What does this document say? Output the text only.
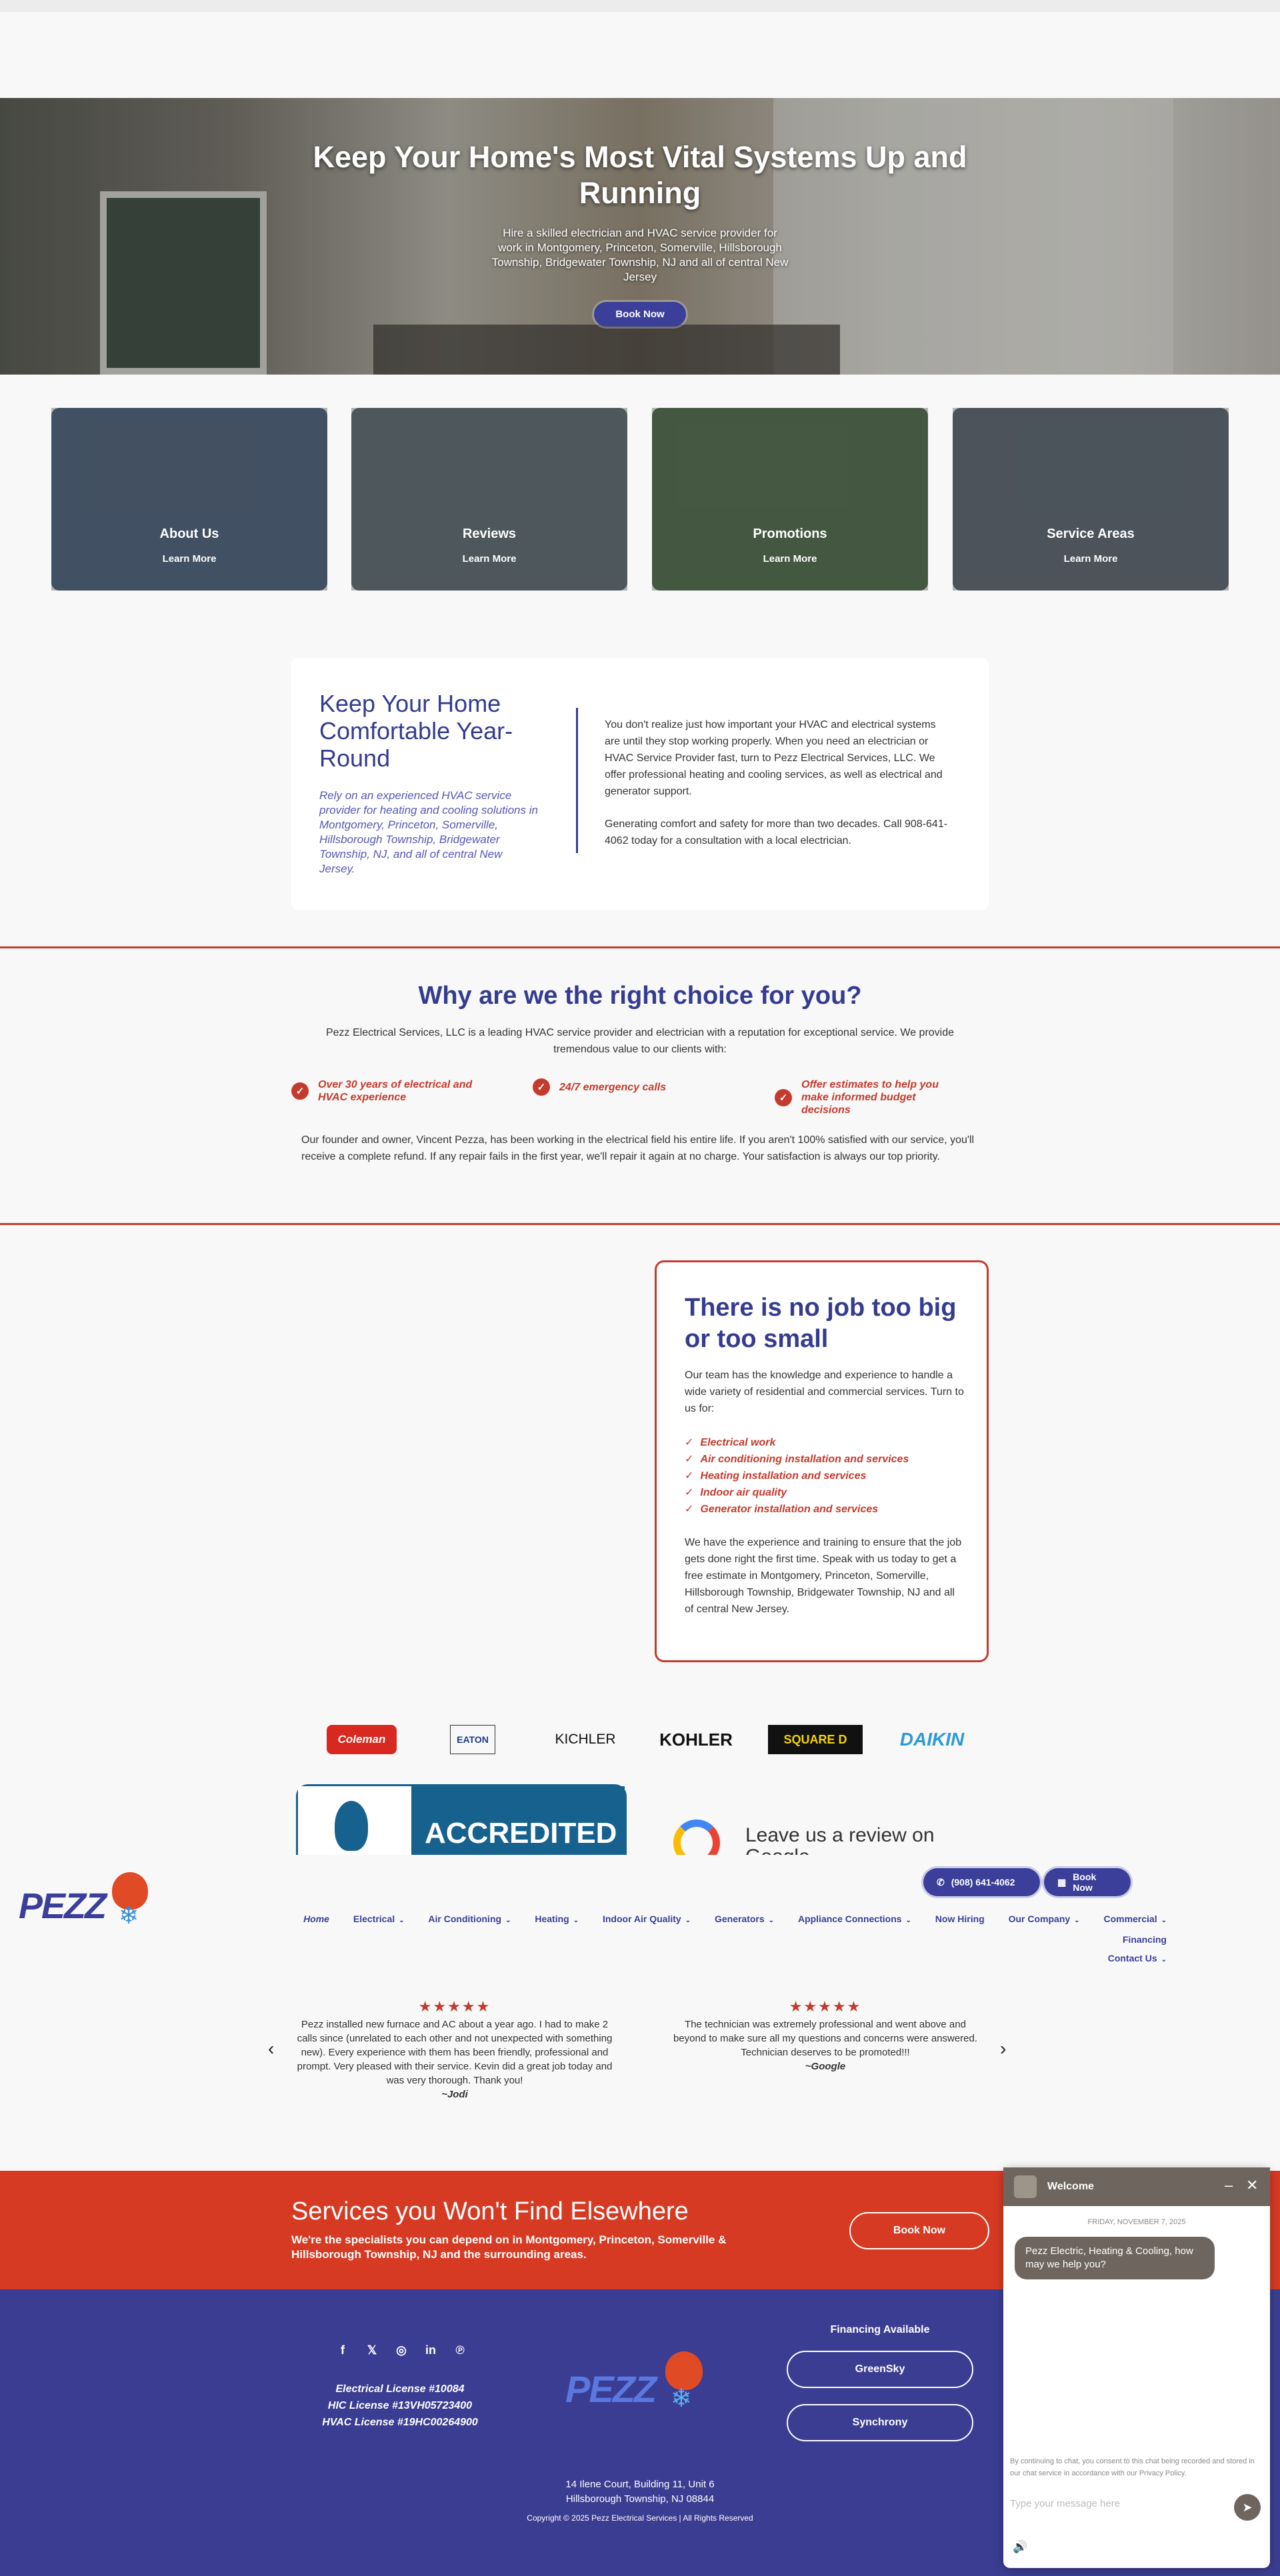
Keep Your Home's Most Vital Systems Up and Running

Hire a skilled electrician and HVAC service provider for work in Montgomery, Princeton, Somerville, Hillsborough Township, Bridgewater Township, NJ and all of central New Jersey

Book Now
About Us
Learn More
Reviews
Learn More
Promotions
Learn More
Service Areas
Learn More
Keep Your Home Comfortable Year-Round
Rely on an experienced HVAC service provider for heating and cooling solutions in Montgomery, Princeton, Somerville, Hillsborough Township, Bridgewater Township, NJ, and all of central New Jersey.

You don't realize just how important your HVAC and electrical systems are until they stop working properly. When you need an electrician or HVAC Service Provider fast, turn to Pezz Electrical Services, LLC. We offer professional heating and cooling services, as well as electrical and generator support.

Generating comfort and safety for more than two decades. Call 908-641-4062 today for a consultation with a local electrician.

Why are we the right choice for you?

Pezz Electrical Services, LLC is a leading HVAC service provider and electrician with a reputation for exceptional service. We provide tremendous value to our clients with:

✓
Over 30 years of electrical and HVAC experience
✓	24/7 emergency calls
✓
Offer estimates to help you make informed budget decisions

Our founder and owner, Vincent Pezza, has been working in the electrical field his entire life. If you aren't 100% satisfied with our service, you'll receive a complete refund. If any repair fails in the first year, we'll repair it again at no charge. Your satisfaction is always our top priority.

There is no job too big or too small

Our team has the knowledge and experience to handle a wide variety of residential and commercial services. Turn to us for:

✓ Electrical work
✓ Air conditioning installation and services
✓ Heating installation and services
✓ Indoor air quality
✓ Generator installation and services

We have the experience and training to ensure that the job gets done right the first time. Speak with us today to get a free estimate in Montgomery, Princeton, Somerville, Hillsborough Township, Bridgewater Township, NJ and all of central New Jersey.

Coleman	EATON	KICHLER	KOHLER	SQUARE D	DAIKIN
ACCREDITED	Leave us a review on
PEZZ ❄
✆ (908) 641-4062	▦ Book Now
Home	Electrical ⌄	Air Conditioning ⌄	Heating ⌄	Indoor Air Quality ⌄	Generators ⌄	Appliance Connections ⌄	Now Hiring	Our Company ⌄	Commercial ⌄ Financing
Contact Us ⌄
‹
★★★★★
Pezz installed new furnace and AC about a year ago. I had to make 2 calls since (unrelated to each other and not unexpected with something new). Every experience with them has been friendly, professional and prompt. Very pleased with their service. Kevin did a great job today and was very thorough. Thank you!
~Jodi
★★★★★
The technician was extremely professional and went above and beyond to make sure all my questions and concerns were answered. Technician deserves to be promoted!!!
~Google
›
Services you Won't Find Elsewhere

We're the specialists you can depend on in Montgomery, Princeton, Somerville & Hillsborough Township, NJ and the surrounding areas.

Book Now
f	𝕏 ◎ in ℗
Electrical License #10084
HIC License #13VH05723400
HVAC License #19HC00264900
PEZZ ❄
Financing Available
GreenSky
Synchrony
14 Ilene Court, Building 11, Unit 6
Hillsborough Township, NJ 08844
Copyright © 2025 Pezz Electrical Services | All Rights Reserved
Welcome	– ✕
FRIDAY, NOVEMBER 7, 2025
Pezz Electric, Heating & Cooling, how may we help you?
By continuing to chat, you consent to this chat being recorded and stored in our chat service in accordance with our Privacy Policy.
Type your message here	➤
🔊
